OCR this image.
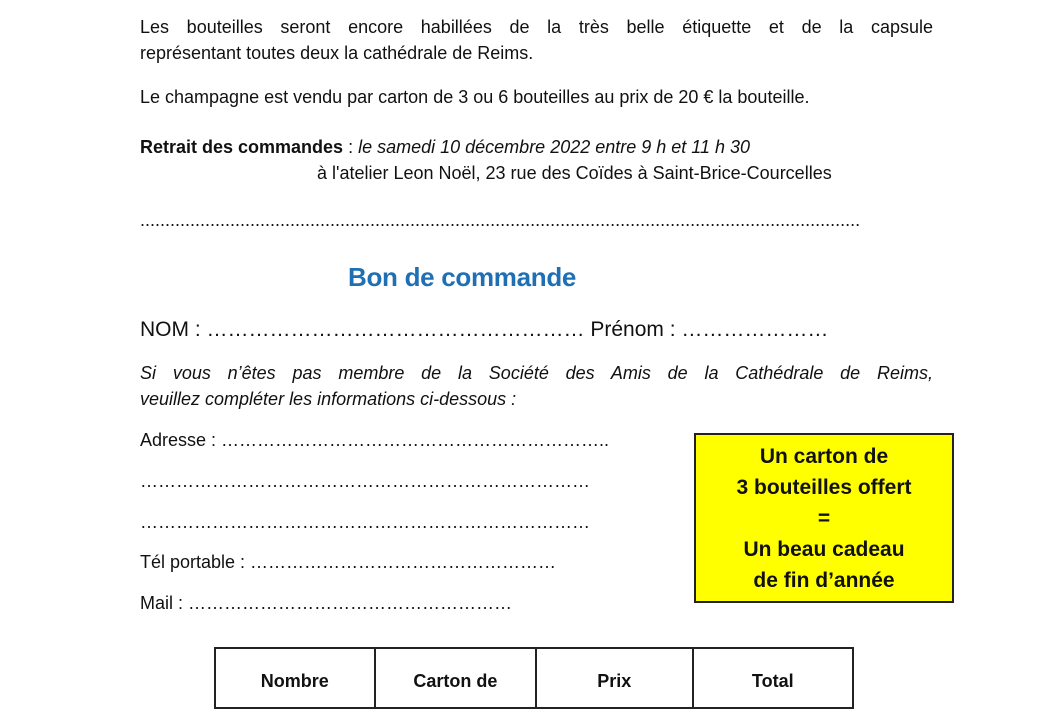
Les bouteilles seront encore habillées de la très belle étiquette et de la capsule
représentant toutes deux la cathédrale de Reims.
Le champagne est vendu par carton de 3 ou 6 bouteilles au prix de 20 € la bouteille.
Retrait des commandes : le samedi 10 décembre 2022 entre 9 h et 11 h 30
à l'atelier Leon Noël, 23 rue des Coïdes à Saint-Brice-Courcelles
................................................................................................................................................
Bon de commande
NOM : ……………………………………………… Prénom : …………………
Si vous n’êtes pas membre de la Société des Amis de la Cathédrale de Reims,
veuillez compléter les informations ci-dessous :
Adresse : ………………………………………………………..
…………………………………………………………………
…………………………………………………………………
Tél portable : ……………………………………………
Mail : ………………………………………………
Un carton de
3 bouteilles offert
=
Un beau cadeau
de fin d’année
Nombre	Carton de	Prix	Total
